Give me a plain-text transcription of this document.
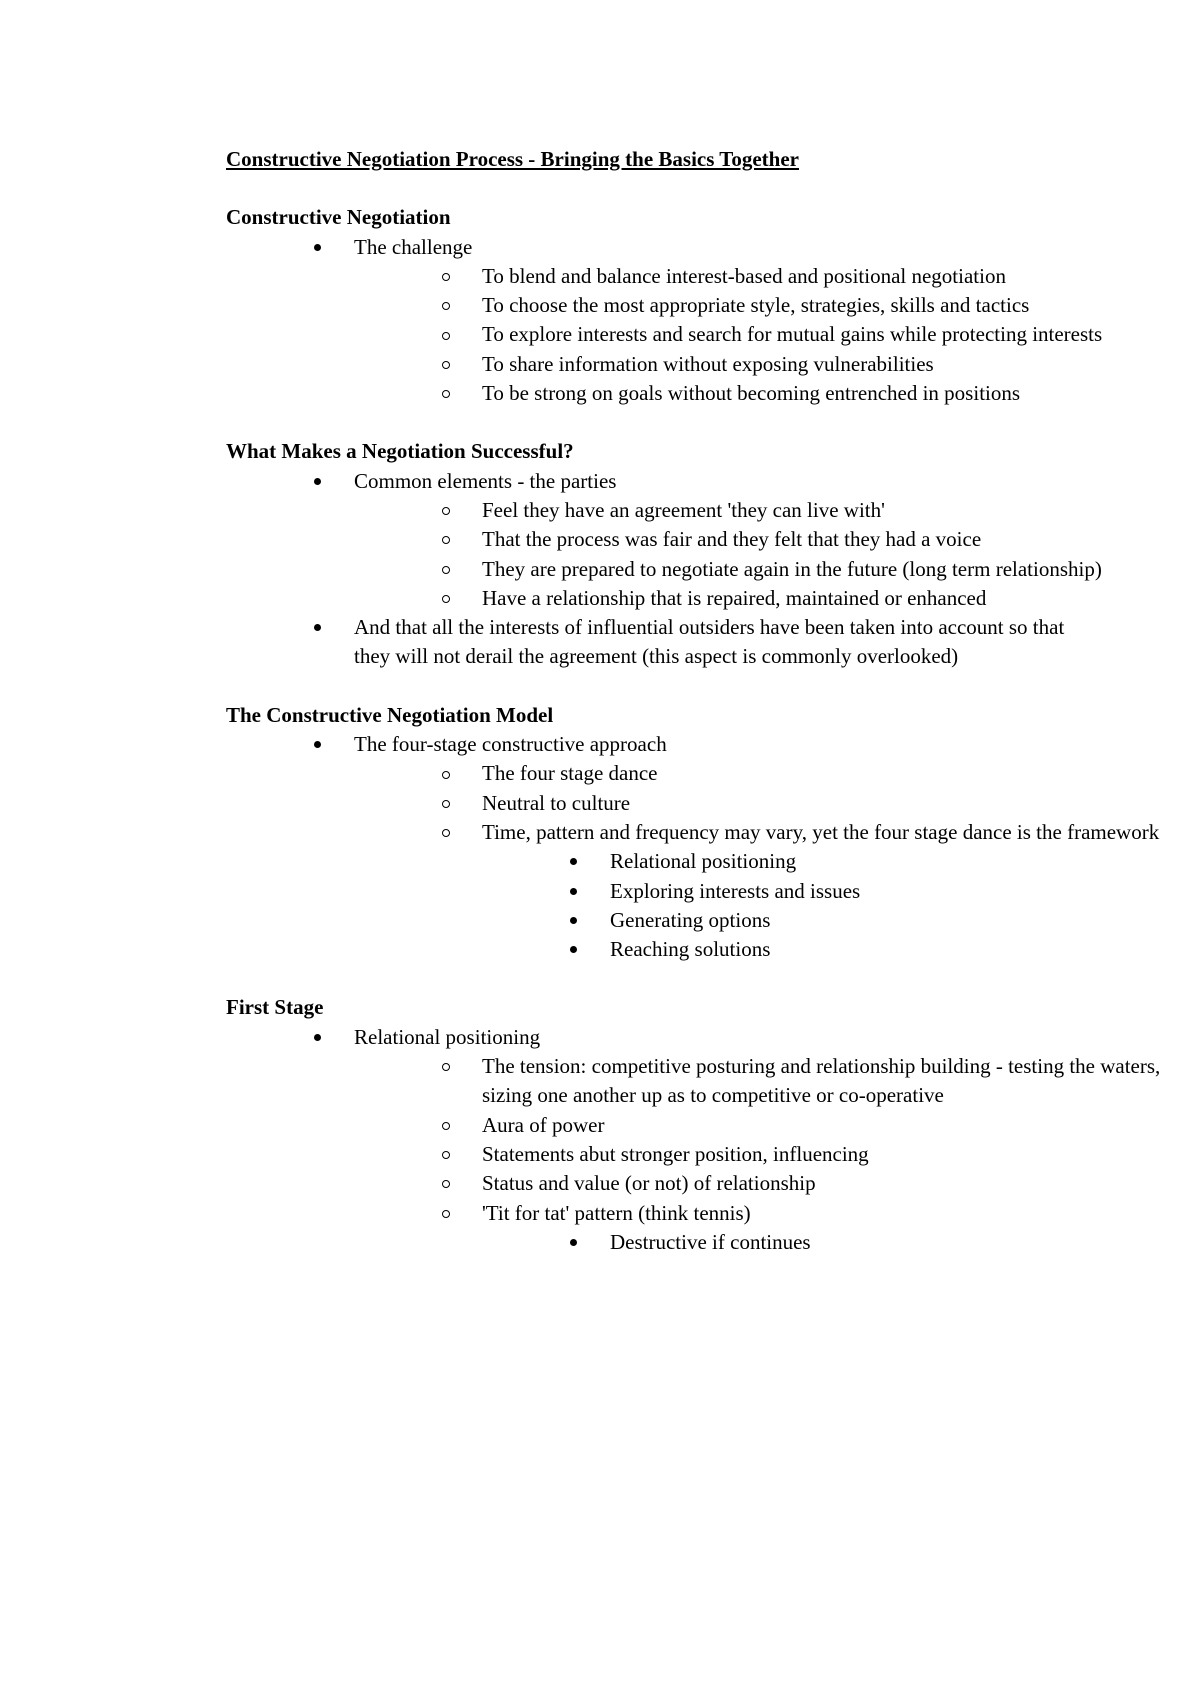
Constructive Negotiation Process - Bringing the Basics Together
Constructive Negotiation
The challenge
To blend and balance interest-based and positional negotiation
To choose the most appropriate style, strategies, skills and tactics
To explore interests and search for mutual gains while protecting interests
To share information without exposing vulnerabilities
To be strong on goals without becoming entrenched in positions
What Makes a Negotiation Successful?
Common elements - the parties
Feel they have an agreement 'they can live with'
That the process was fair and they felt that they had a voice
They are prepared to negotiate again in the future (long term relationship)
Have a relationship that is repaired, maintained or enhanced
And that all the interests of influential outsiders have been taken into account so that they will not derail the agreement (this aspect is commonly overlooked)
The Constructive Negotiation Model
The four-stage constructive approach
The four stage dance
Neutral to culture
Time, pattern and frequency may vary, yet the four stage dance is the framework
Relational positioning
Exploring interests and issues
Generating options
Reaching solutions
First Stage
Relational positioning
The tension: competitive posturing and relationship building - testing the waters, sizing one another up as to competitive or co-operative
Aura of power
Statements abut stronger position, influencing
Status and value (or not) of relationship
'Tit for tat' pattern (think tennis)
Destructive if continues
